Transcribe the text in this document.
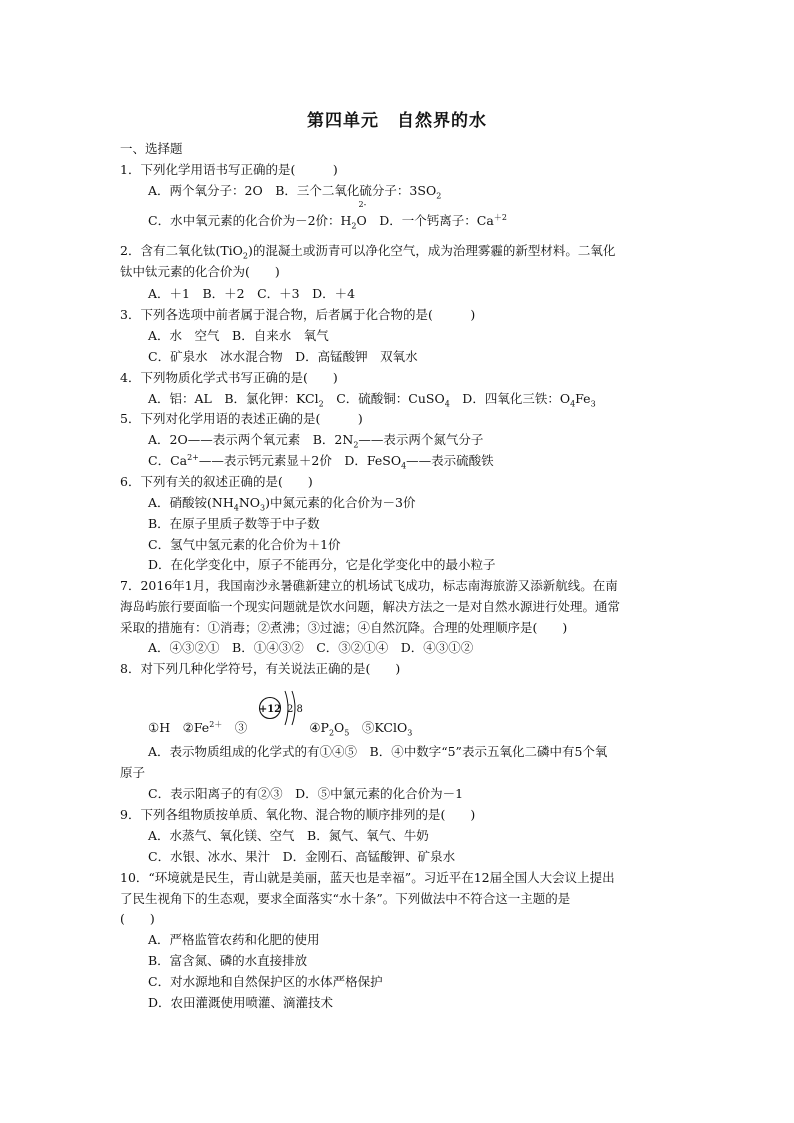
第四单元　自然界的水
一、选择题
1．下列化学用语书写正确的是(　　　)
A．两个氧分子：2O　 B．三个二氧化硫分子：$3SO_2$
C．水中氧元素的化合价为－2价：$H_2$
2-
O　 D．一个钙离子：$Ca^{+2}$
2．含有二氧化钛(TiO$_2$)的混凝土或沥青可以净化空气，成为治理雾霾的新型材料。二氧化
钛中钛元素的化合价为(　　)
A．＋1　B．＋2　C．＋3　D．＋4
3．下列各选项中前者属于混合物，后者属于化合物的是(　　　)
A．水　空气　B．自来水　氧气
C．矿泉水　冰水混合物　D．高锰酸钾　双氧水
4．下列物质化学式书写正确的是(　　)
A．铝：AL　B．氯化钾：KCl$_2$　C．硫酸铜：CuSO$_4$　D．四氧化三铁：$O_4Fe_3$
5．下列对化学用语的表述正确的是(　　　)
A．2O——表示两个氧元素　B．$2N_2——$表示两个氮气分子
C．$Ca^{2+}——$表示钙元素显＋2价　D．FeSO$_4$——表示硫酸铁
6．下列有关的叙述正确的是(　　)
A．硝酸铵$(NH_4NO_3)$中氮元素的化合价为－3价
B．在原子里质子数等于中子数
C．氢气中氢元素的化合价为＋1价
D．在化学变化中，原子不能再分，它是化学变化中的最小粒子
7．2016年1月，我国南沙永暑礁新建立的机场试飞成功，标志南海旅游又添新航线。在南
海岛屿旅行要面临一个现实问题就是饮水问题，解决方法之一是对自然水源进行处理。通常
采取的措施有：①消毒；②煮沸；③过滤；④自然沉降。合理的处理顺序是(　　)
A．④③②①　B．①④③②　C．③②①④　D．④③①②
8．对下列几种化学符号，有关说法正确的是(　　)
+12 2 8
①H　$②Fe^{2+}$　③	$④P_2O_5$　⑤KClO$_3$
A．表示物质组成的化学式的有①④⑤　B．④中数字“5”表示五氧化二磷中有5个氧
原子
C．表示阳离子的有②③　D．⑤中氯元素的化合价为－1
9．下列各组物质按单质、氧化物、混合物的顺序排列的是(　　)
A．水蒸气、氧化镁、空气　B．氮气、氧气、牛奶
C．水银、冰水、果汁　D．金刚石、高锰酸钾、矿泉水
10．“环境就是民生，青山就是美丽，蓝天也是幸福”。习近平在12届全国人大会议上提出
了民生视角下的生态观，要求全面落实“水十条”。下列做法中不符合这一主题的是
(　　)
A．严格监管农药和化肥的使用
B．富含氮、磷的水直接排放
C．对水源地和自然保护区的水体严格保护
D．农田灌溉使用喷灌、滴灌技术
